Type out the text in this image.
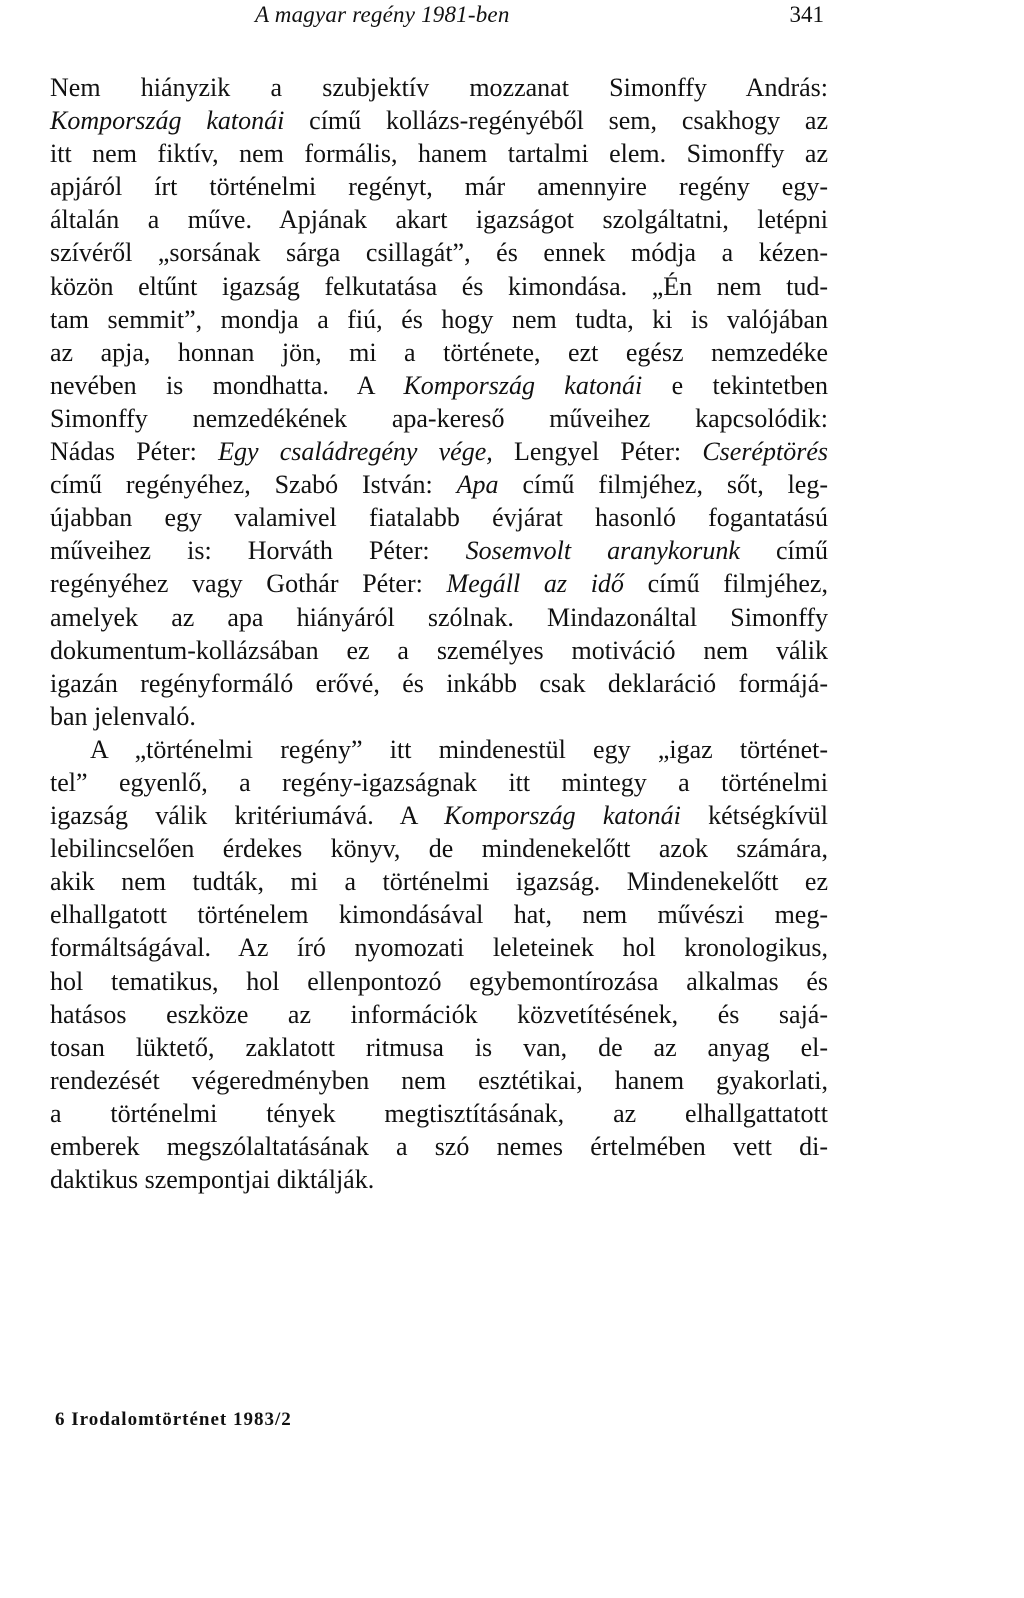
A magyar regény 1981-ben	341
Nem hiányzik a szubjektív mozzanat Simonffy András:
Kompország katonái című kollázs-regényéből sem, csakhogy az
itt nem fiktív, nem formális, hanem tartalmi elem. Simonffy az
apjáról írt történelmi regényt, már amennyire regény egy-
általán a műve. Apjának akart igazságot szolgáltatni, letépni
szívéről „sorsának sárga csillagát”, és ennek módja a kézen-
közön eltűnt igazság felkutatása és kimondása. „Én nem tud-
tam semmit”, mondja a fiú, és hogy nem tudta, ki is valójában
az apja, honnan jön, mi a története, ezt egész nemzedéke
nevében is mondhatta. A Kompország katonái e tekintetben
Simonffy nemzedékének apa-kereső műveihez kapcsolódik:
Nádas Péter: Egy családregény vége, Lengyel Péter: Cseréptörés
című regényéhez, Szabó István: Apa című filmjéhez, sőt, leg-
újabban egy valamivel fiatalabb évjárat hasonló fogantatású
műveihez is: Horváth Péter: Sosemvolt aranykorunk című
regényéhez vagy Gothár Péter: Megáll az idő című filmjéhez,
amelyek az apa hiányáról szólnak. Mindazonáltal Simonffy
dokumentum-kollázsában ez a személyes motiváció nem válik
igazán regényformáló erővé, és inkább csak deklaráció formájá-
ban jelenvaló.
A „történelmi regény” itt mindenestül egy „igaz történet-
tel” egyenlő, a regény-igazságnak itt mintegy a történelmi
igazság válik kritériumává. A Kompország katonái kétségkívül
lebilincselően érdekes könyv, de mindenekelőtt azok számára,
akik nem tudták, mi a történelmi igazság. Mindenekelőtt ez
elhallgatott történelem kimondásával hat, nem művészi meg-
formáltságával. Az író nyomozati leleteinek hol kronologikus,
hol tematikus, hol ellenpontozó egybemontírozása alkalmas és
hatásos eszköze az információk közvetítésének, és sajá-
tosan lüktető, zaklatott ritmusa is van, de az anyag el-
rendezését végeredményben nem esztétikai, hanem gyakorlati,
a történelmi tények megtisztításának, az elhallgattatott
emberek megszólaltatásának a szó nemes értelmében vett di-
daktikus szempontjai diktálják.
6 Irodalomtörténet 1983/2
